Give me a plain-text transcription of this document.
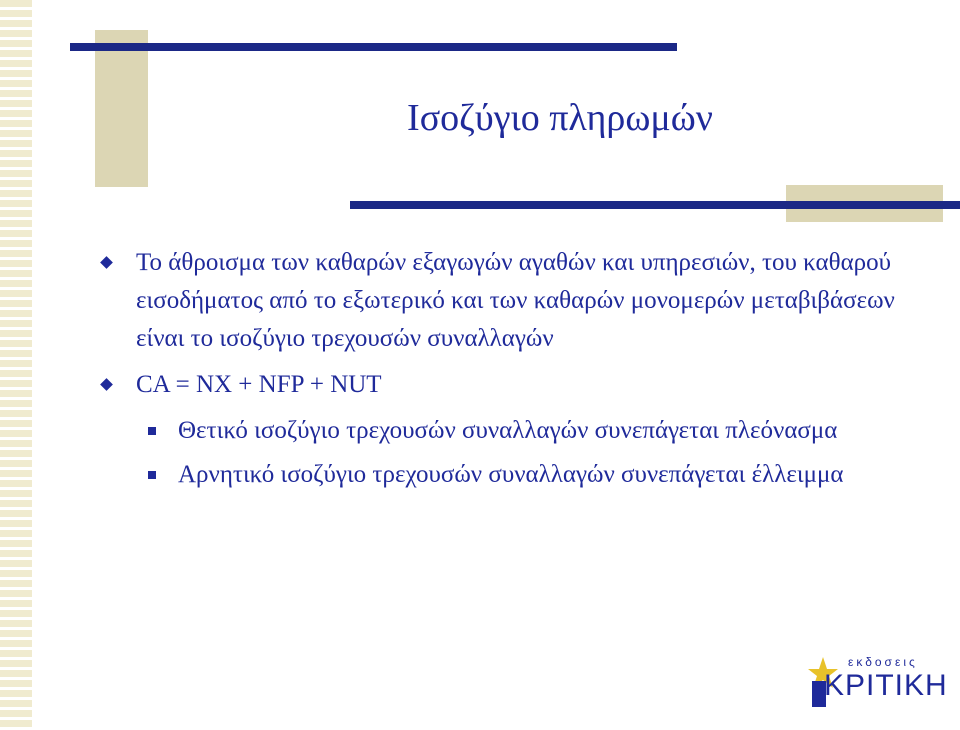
Ισοζύγιο πληρωμών
Το άθροισμα των καθαρών εξαγωγών αγαθών και υπηρεσιών, του καθαρού εισοδήματος από το εξωτερικό και των καθαρών μονομερών μεταβιβάσεων είναι το ισοζύγιο τρεχουσών συναλλαγών
CA = NX + NFP + NUT
Θετικό ισοζύγιο τρεχουσών συναλλαγών συνεπάγεται πλεόνασμα
Αρνητικό ισοζύγιο τρεχουσών συναλλαγών συνεπάγεται έλλειμμα
εκδοσεις
ΚΡΙΤΙΚΗ
